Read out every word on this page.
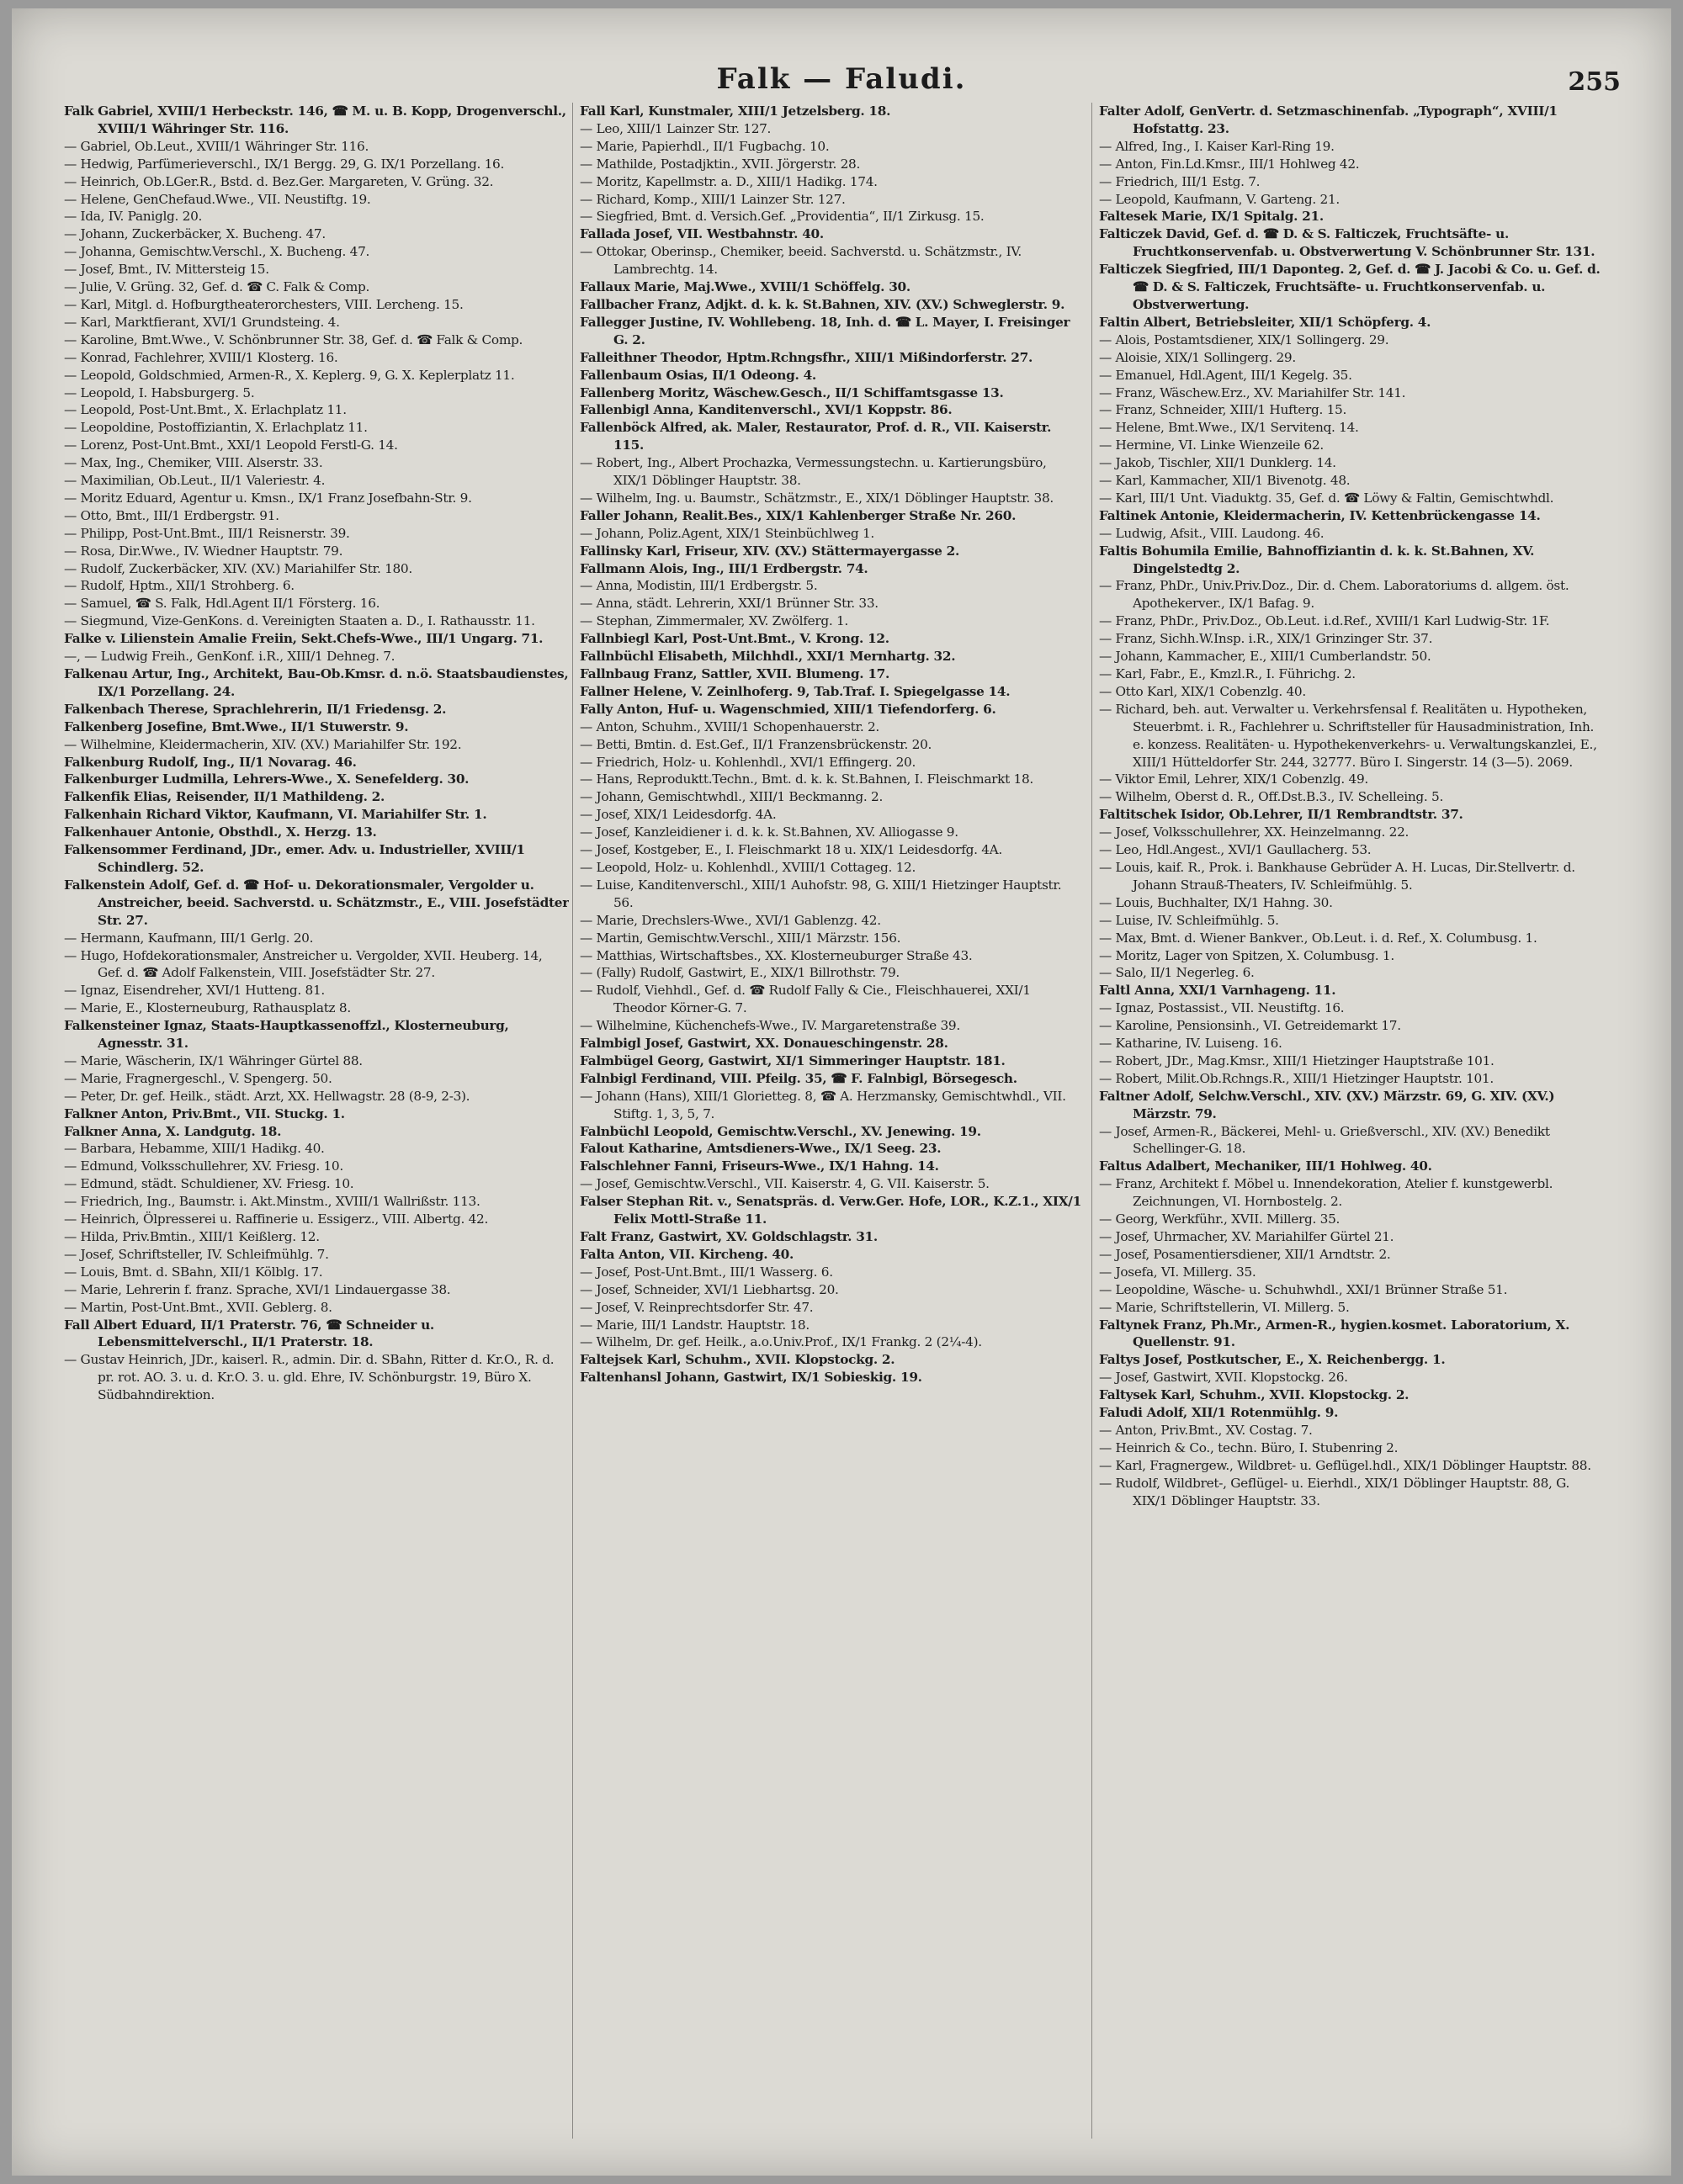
Falk — Faludi.	255
Falk Gabriel, XVIII/1 Herbeckstr. 146, ☎ M. u. B. Kopp, Drogenverschl., XVIII/1 Währinger Str. 116.
— Gabriel, Ob.Leut., XVIII/1 Währinger Str. 116.
— Hedwig, Parfümerieverschl., IX/1 Bergg. 29, G. IX/1 Porzellang. 16.
— Heinrich, Ob.LGer.R., Bstd. d. Bez.Ger. Margareten, V. Grüng. 32.
— Helene, GenChefaud.Wwe., VII. Neustiftg. 19.
— Ida, IV. Paniglg. 20.
— Johann, Zuckerbäcker, X. Bucheng. 47.
— Johanna, Gemischtw.Verschl., X. Bucheng. 47.
— Josef, Bmt., IV. Mittersteig 15.
— Julie, V. Grüng. 32, Gef. d. ☎ C. Falk & Comp.
— Karl, Mitgl. d. Hofburgtheaterorchesters, VIII. Lercheng. 15.
— Karl, Marktfierant, XVI/1 Grundsteing. 4.
— Karoline, Bmt.Wwe., V. Schönbrunner Str. 38, Gef. d. ☎ Falk & Comp.
— Konrad, Fachlehrer, XVIII/1 Klosterg. 16.
— Leopold, Goldschmied, Armen-R., X. Keplerg. 9, G. X. Keplerplatz 11.
— Leopold, I. Habsburgerg. 5.
— Leopold, Post-Unt.Bmt., X. Erlachplatz 11.
— Leopoldine, Postoffiziantin, X. Erlachplatz 11.
— Lorenz, Post-Unt.Bmt., XXI/1 Leopold Ferstl-G. 14.
— Max, Ing., Chemiker, VIII. Alserstr. 33.
— Maximilian, Ob.Leut., II/1 Valeriestr. 4.
— Moritz Eduard, Agentur u. Kmsn., IX/1 Franz Josefbahn-Str. 9.
— Otto, Bmt., III/1 Erdbergstr. 91.
— Philipp, Post-Unt.Bmt., III/1 Reisnerstr. 39.
— Rosa, Dir.Wwe., IV. Wiedner Hauptstr. 79.
— Rudolf, Zuckerbäcker, XIV. (XV.) Mariahilfer Str. 180.
— Rudolf, Hptm., XII/1 Strohberg. 6.
— Samuel, ☎ S. Falk, Hdl.Agent II/1 Försterg. 16.
— Siegmund, Vize-GenKons. d. Vereinigten Staaten a. D., I. Rathausstr. 11.
Falke v. Lilienstein Amalie Freiin, Sekt.Chefs-Wwe., III/1 Ungarg. 71.
—, — Ludwig Freih., GenKonf. i.R., XIII/1 Dehneg. 7.
Falkenau Artur, Ing., Architekt, Bau-Ob.Kmsr. d. n.ö. Staatsbaudienstes, IX/1 Porzellang. 24.
Falkenbach Therese, Sprachlehrerin, II/1 Friedensg. 2.
Falkenberg Josefine, Bmt.Wwe., II/1 Stuwerstr. 9.
— Wilhelmine, Kleidermacherin, XIV. (XV.) Mariahilfer Str. 192.
Falkenburg Rudolf, Ing., II/1 Novarag. 46.
Falkenburger Ludmilla, Lehrers-Wwe., X. Senefelderg. 30.
Falkenfik Elias, Reisender, II/1 Mathildeng. 2.
Falkenhain Richard Viktor, Kaufmann, VI. Mariahilfer Str. 1.
Falkenhauer Antonie, Obsthdl., X. Herzg. 13.
Falkensommer Ferdinand, JDr., emer. Adv. u. Industrieller, XVIII/1 Schindlerg. 52.
Falkenstein Adolf, Gef. d. ☎ Hof- u. Dekorationsmaler, Vergolder u. Anstreicher, beeid. Sachverstd. u. Schätzmstr., E., VIII. Josefstädter Str. 27.
— Hermann, Kaufmann, III/1 Gerlg. 20.
— Hugo, Hofdekorationsmaler, Anstreicher u. Vergolder, XVII. Heuberg. 14, Gef. d. ☎ Adolf Falkenstein, VIII. Josefstädter Str. 27.
— Ignaz, Eisendreher, XVI/1 Hutteng. 81.
— Marie, E., Klosterneuburg, Rathausplatz 8.
Falkensteiner Ignaz, Staats-Hauptkassenoffzl., Klosterneuburg, Agnesstr. 31.
— Marie, Wäscherin, IX/1 Währinger Gürtel 88.
— Marie, Fragnergeschl., V. Spengerg. 50.
— Peter, Dr. gef. Heilk., städt. Arzt, XX. Hellwagstr. 28 (8-9, 2-3).
Falkner Anton, Priv.Bmt., VII. Stuckg. 1.
Falkner Anna, X. Landgutg. 18.
— Barbara, Hebamme, XIII/1 Hadikg. 40.
— Edmund, Volksschullehrer, XV. Friesg. 10.
— Edmund, städt. Schuldiener, XV. Friesg. 10.
— Friedrich, Ing., Baumstr. i. Akt.Minstm., XVIII/1 Wallrißstr. 113.
— Heinrich, Ölpresserei u. Raffinerie u. Essigerz., VIII. Albertg. 42.
— Hilda, Priv.Bmtin., XIII/1 Keißlerg. 12.
— Josef, Schriftsteller, IV. Schleifmühlg. 7.
— Louis, Bmt. d. SBahn, XII/1 Kölblg. 17.
— Marie, Lehrerin f. franz. Sprache, XVI/1 Lindauergasse 38.
— Martin, Post-Unt.Bmt., XVII. Geblerg. 8.
Fall Albert Eduard, II/1 Praterstr. 76, ☎ Schneider u. Lebensmittelverschl., II/1 Praterstr. 18.
— Gustav Heinrich, JDr., kaiserl. R., admin. Dir. d. SBahn, Ritter d. Kr.O., R. d. pr. rot. AO. 3. u. d. Kr.O. 3. u. gld. Ehre, IV. Schönburgstr. 19, Büro X. Südbahndirektion.
Fall Karl, Kunstmaler, XIII/1 Jetzelsberg. 18.
— Leo, XIII/1 Lainzer Str. 127.
— Marie, Papierhdl., II/1 Fugbachg. 10.
— Mathilde, Postadjktin., XVII. Jörgerstr. 28.
— Moritz, Kapellmstr. a. D., XIII/1 Hadikg. 174.
— Richard, Komp., XIII/1 Lainzer Str. 127.
— Siegfried, Bmt. d. Versich.Gef. „Providentia“, II/1 Zirkusg. 15.
Fallada Josef, VII. Westbahnstr. 40.
— Ottokar, Oberinsp., Chemiker, beeid. Sachverstd. u. Schätzmstr., IV. Lambrechtg. 14.
Fallaux Marie, Maj.Wwe., XVIII/1 Schöffelg. 30.
Fallbacher Franz, Adjkt. d. k. k. St.Bahnen, XIV. (XV.) Schweglerstr. 9.
Fallegger Justine, IV. Wohllebeng. 18, Inh. d. ☎ L. Mayer, I. Freisinger G. 2.
Falleithner Theodor, Hptm.Rchngsfhr., XIII/1 Mißindorferstr. 27.
Fallenbaum Osias, II/1 Odeong. 4.
Fallenberg Moritz, Wäschew.Gesch., II/1 Schiffamtsgasse 13.
Fallenbigl Anna, Kanditenverschl., XVI/1 Koppstr. 86.
Fallenböck Alfred, ak. Maler, Restaurator, Prof. d. R., VII. Kaiserstr. 115.
— Robert, Ing., Albert Prochazka, Vermessungstechn. u. Kartierungsbüro, XIX/1 Döblinger Hauptstr. 38.
— Wilhelm, Ing. u. Baumstr., Schätzmstr., E., XIX/1 Döblinger Hauptstr. 38.
Faller Johann, Realit.Bes., XIX/1 Kahlenberger Straße Nr. 260.
— Johann, Poliz.Agent, XIX/1 Steinbüchlweg 1.
Fallinsky Karl, Friseur, XIV. (XV.) Stättermayergasse 2.
Fallmann Alois, Ing., III/1 Erdbergstr. 74.
— Anna, Modistin, III/1 Erdbergstr. 5.
— Anna, städt. Lehrerin, XXI/1 Brünner Str. 33.
— Stephan, Zimmermaler, XV. Zwölferg. 1.
Fallnbiegl Karl, Post-Unt.Bmt., V. Krong. 12.
Fallnbüchl Elisabeth, Milchhdl., XXI/1 Mernhartg. 32.
Fallnbaug Franz, Sattler, XVII. Blumeng. 17.
Fallner Helene, V. Zeinlhoferg. 9, Tab.Traf. I. Spiegelgasse 14.
Fally Anton, Huf- u. Wagenschmied, XIII/1 Tiefendorferg. 6.
— Anton, Schuhm., XVIII/1 Schopenhauerstr. 2.
— Betti, Bmtin. d. Est.Gef., II/1 Franzensbrückenstr. 20.
— Friedrich, Holz- u. Kohlenhdl., XVI/1 Effingerg. 20.
— Hans, Reproduktt.Techn., Bmt. d. k. k. St.Bahnen, I. Fleischmarkt 18.
— Johann, Gemischtwhdl., XIII/1 Beckmanng. 2.
— Josef, XIX/1 Leidesdorfg. 4A.
— Josef, Kanzleidiener i. d. k. k. St.Bahnen, XV. Alliogasse 9.
— Josef, Kostgeber, E., I. Fleischmarkt 18 u. XIX/1 Leidesdorfg. 4A.
— Leopold, Holz- u. Kohlenhdl., XVIII/1 Cottageg. 12.
— Luise, Kanditenverschl., XIII/1 Auhofstr. 98, G. XIII/1 Hietzinger Hauptstr. 56.
— Marie, Drechslers-Wwe., XVI/1 Gablenzg. 42.
— Martin, Gemischtw.Verschl., XIII/1 Märzstr. 156.
— Matthias, Wirtschaftsbes., XX. Klosterneuburger Straße 43.
— (Fally) Rudolf, Gastwirt, E., XIX/1 Billrothstr. 79.
— Rudolf, Viehhdl., Gef. d. ☎ Rudolf Fally & Cie., Fleischhauerei, XXI/1 Theodor Körner-G. 7.
— Wilhelmine, Küchenchefs-Wwe., IV. Margaretenstraße 39.
Falmbigl Josef, Gastwirt, XX. Donaueschingenstr. 28.
Falmbügel Georg, Gastwirt, XI/1 Simmeringer Hauptstr. 181.
Falnbigl Ferdinand, VIII. Pfeilg. 35, ☎ F. Falnbigl, Börsegesch.
— Johann (Hans), XIII/1 Glorietteg. 8, ☎ A. Herzmansky, Gemischtwhdl., VII. Stiftg. 1, 3, 5, 7.
Falnbüchl Leopold, Gemischtw.Verschl., XV. Jenewing. 19.
Falout Katharine, Amtsdieners-Wwe., IX/1 Seeg. 23.
Falschlehner Fanni, Friseurs-Wwe., IX/1 Hahng. 14.
— Josef, Gemischtw.Verschl., VII. Kaiserstr. 4, G. VII. Kaiserstr. 5.
Falser Stephan Rit. v., Senatspräs. d. Verw.Ger. Hofe, LOR., K.Z.1., XIX/1 Felix Mottl-Straße 11.
Falt Franz, Gastwirt, XV. Goldschlagstr. 31.
Falta Anton, VII. Kircheng. 40.
— Josef, Post-Unt.Bmt., III/1 Wasserg. 6.
— Josef, Schneider, XVI/1 Liebhartsg. 20.
— Josef, V. Reinprechtsdorfer Str. 47.
— Marie, III/1 Landstr. Hauptstr. 18.
— Wilhelm, Dr. gef. Heilk., a.o.Univ.Prof., IX/1 Frankg. 2 (2¼-4).
Faltejsek Karl, Schuhm., XVII. Klopstockg. 2.
Faltenhansl Johann, Gastwirt, IX/1 Sobieskig. 19.
Falter Adolf, GenVertr. d. Setzmaschinenfab. „Typograph“, XVIII/1 Hofstattg. 23.
— Alfred, Ing., I. Kaiser Karl-Ring 19.
— Anton, Fin.Ld.Kmsr., III/1 Hohlweg 42.
— Friedrich, III/1 Estg. 7.
— Leopold, Kaufmann, V. Garteng. 21.
Faltesek Marie, IX/1 Spitalg. 21.
Falticzek David, Gef. d. ☎ D. & S. Falticzek, Fruchtsäfte- u. Fruchtkonservenfab. u. Obstverwertung V. Schönbrunner Str. 131.
Falticzek Siegfried, III/1 Daponteg. 2, Gef. d. ☎ J. Jacobi & Co. u. Gef. d. ☎ D. & S. Falticzek, Fruchtsäfte- u. Fruchtkonservenfab. u. Obstverwertung.
Faltin Albert, Betriebsleiter, XII/1 Schöpferg. 4.
— Alois, Postamtsdiener, XIX/1 Sollingerg. 29.
— Aloisie, XIX/1 Sollingerg. 29.
— Emanuel, Hdl.Agent, III/1 Kegelg. 35.
— Franz, Wäschew.Erz., XV. Mariahilfer Str. 141.
— Franz, Schneider, XIII/1 Hufterg. 15.
— Helene, Bmt.Wwe., IX/1 Servitenq. 14.
— Hermine, VI. Linke Wienzeile 62.
— Jakob, Tischler, XII/1 Dunklerg. 14.
— Karl, Kammacher, XII/1 Bivenotg. 48.
— Karl, III/1 Unt. Viaduktg. 35, Gef. d. ☎ Löwy & Faltin, Gemischtwhdl.
Faltinek Antonie, Kleidermacherin, IV. Kettenbrückengasse 14.
— Ludwig, Afsit., VIII. Laudong. 46.
Faltis Bohumila Emilie, Bahnoffiziantin d. k. k. St.Bahnen, XV. Dingelstedtg 2.
— Franz, PhDr., Univ.Priv.Doz., Dir. d. Chem. Laboratoriums d. allgem. öst. Apothekerver., IX/1 Bafag. 9.
— Franz, PhDr., Priv.Doz., Ob.Leut. i.d.Ref., XVIII/1 Karl Ludwig-Str. 1F.
— Franz, Sichh.W.Insp. i.R., XIX/1 Grinzinger Str. 37.
— Johann, Kammacher, E., XIII/1 Cumberlandstr. 50.
— Karl, Fabr., E., Kmzl.R., I. Führichg. 2.
— Otto Karl, XIX/1 Cobenzlg. 40.
— Richard, beh. aut. Verwalter u. Verkehrsfensal f. Realitäten u. Hypotheken, Steuerbmt. i. R., Fachlehrer u. Schriftsteller für Hausadministration, Inh. e. konzess. Realitäten- u. Hypothekenverkehrs- u. Verwaltungskanzlei, E., XIII/1 Hütteldorfer Str. 244, 32777. Büro I. Singerstr. 14 (3—5). 2069.
— Viktor Emil, Lehrer, XIX/1 Cobenzlg. 49.
— Wilhelm, Oberst d. R., Off.Dst.B.3., IV. Schelleing. 5.
Faltitschek Isidor, Ob.Lehrer, II/1 Rembrandtstr. 37.
— Josef, Volksschullehrer, XX. Heinzelmanng. 22.
— Leo, Hdl.Angest., XVI/1 Gaullacherg. 53.
— Louis, kaif. R., Prok. i. Bankhause Gebrüder A. H. Lucas, Dir.Stellvertr. d. Johann Strauß-Theaters, IV. Schleifmühlg. 5.
— Louis, Buchhalter, IX/1 Hahng. 30.
— Luise, IV. Schleifmühlg. 5.
— Max, Bmt. d. Wiener Bankver., Ob.Leut. i. d. Ref., X. Columbusg. 1.
— Moritz, Lager von Spitzen, X. Columbusg. 1.
— Salo, II/1 Negerleg. 6.
Faltl Anna, XXI/1 Varnhageng. 11.
— Ignaz, Postassist., VII. Neustiftg. 16.
— Karoline, Pensionsinh., VI. Getreidemarkt 17.
— Katharine, IV. Luiseng. 16.
— Robert, JDr., Mag.Kmsr., XIII/1 Hietzinger Hauptstraße 101.
— Robert, Milit.Ob.Rchngs.R., XIII/1 Hietzinger Hauptstr. 101.
Faltner Adolf, Selchw.Verschl., XIV. (XV.) Märzstr. 69, G. XIV. (XV.) Märzstr. 79.
— Josef, Armen-R., Bäckerei, Mehl- u. Grießverschl., XIV. (XV.) Benedikt Schellinger-G. 18.
Faltus Adalbert, Mechaniker, III/1 Hohlweg. 40.
— Franz, Architekt f. Möbel u. Innendekoration, Atelier f. kunstgewerbl. Zeichnungen, VI. Hornbostelg. 2.
— Georg, Werkführ., XVII. Millerg. 35.
— Josef, Uhrmacher, XV. Mariahilfer Gürtel 21.
— Josef, Posamentiersdiener, XII/1 Arndtstr. 2.
— Josefa, VI. Millerg. 35.
— Leopoldine, Wäsche- u. Schuhwhdl., XXI/1 Brünner Straße 51.
— Marie, Schriftstellerin, VI. Millerg. 5.
Faltynek Franz, Ph.Mr., Armen-R., hygien.kosmet. Laboratorium, X. Quellenstr. 91.
Faltys Josef, Postkutscher, E., X. Reichenbergg. 1.
— Josef, Gastwirt, XVII. Klopstockg. 26.
Faltysek Karl, Schuhm., XVII. Klopstockg. 2.
Faludi Adolf, XII/1 Rotenmühlg. 9.
— Anton, Priv.Bmt., XV. Costag. 7.
— Heinrich & Co., techn. Büro, I. Stubenring 2.
— Karl, Fragnergew., Wildbret- u. Geflügel.hdl., XIX/1 Döblinger Hauptstr. 88.
— Rudolf, Wildbret-, Geflügel- u. Eierhdl., XIX/1 Döblinger Hauptstr. 88, G. XIX/1 Döblinger Hauptstr. 33.
